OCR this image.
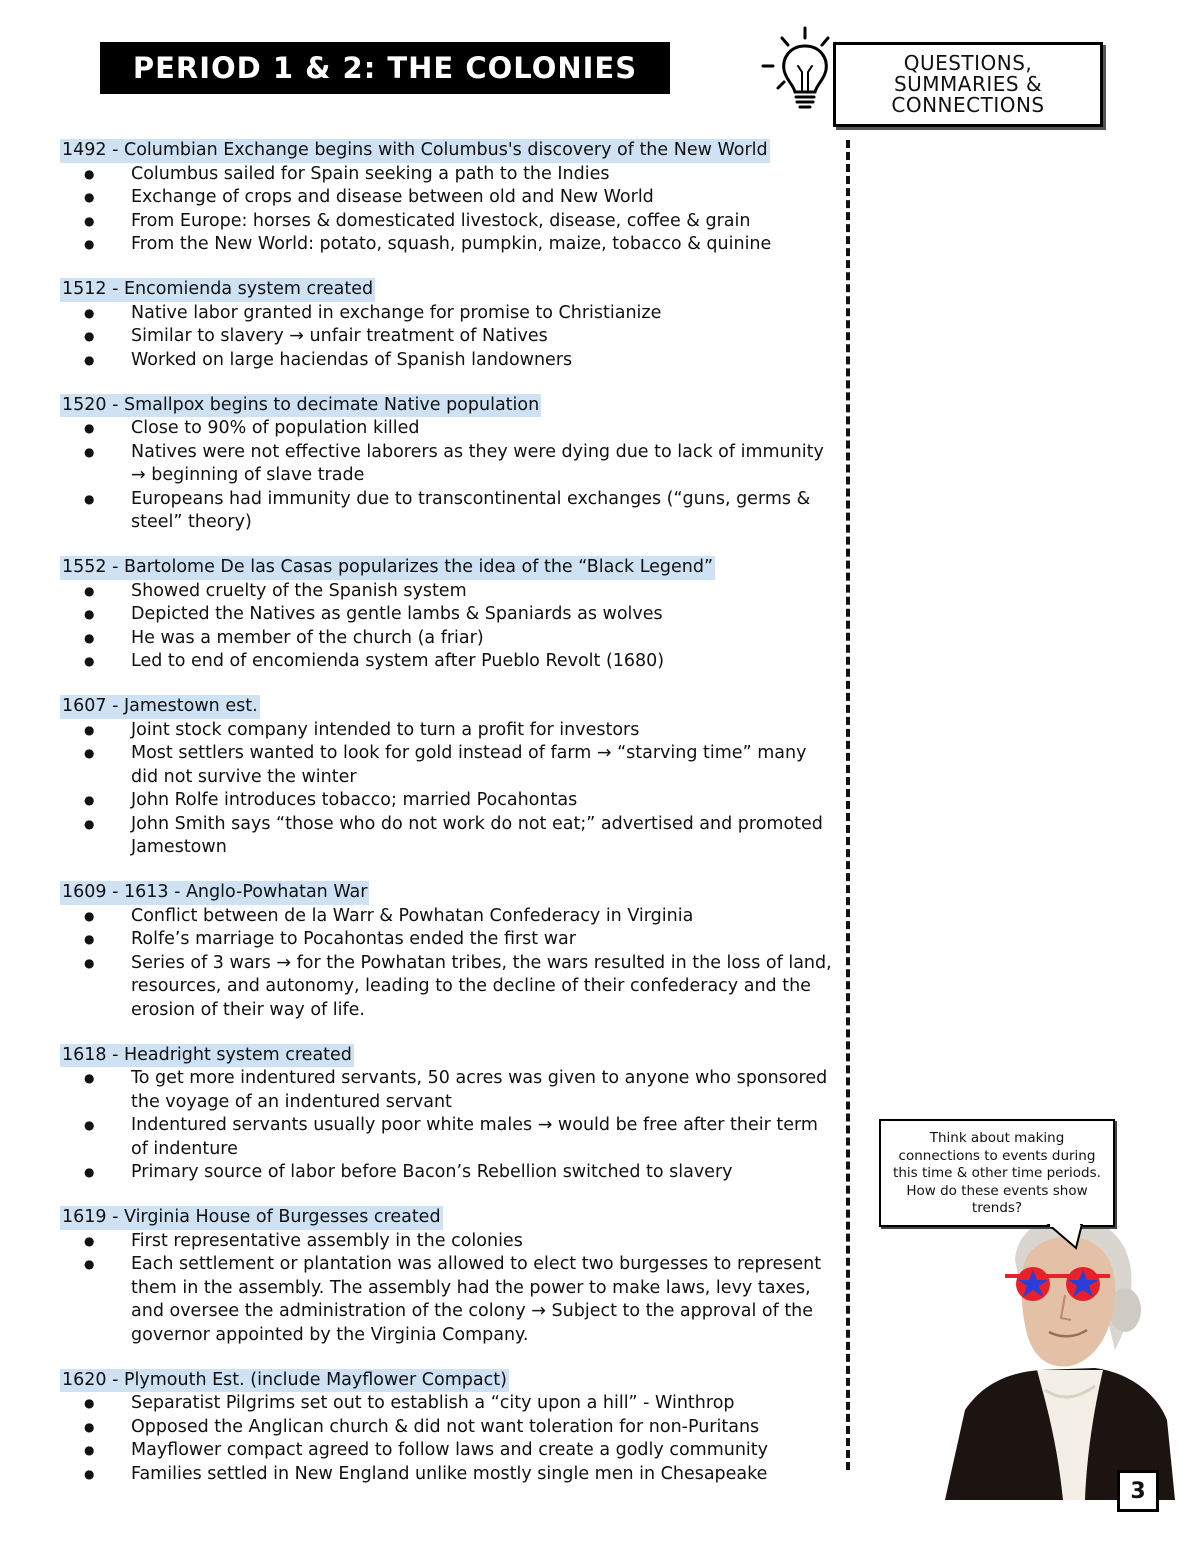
PERIOD 1 & 2: THE COLONIES	QUESTIONS,
SUMMARIES &
CONNECTIONS
1492 - Columbian Exchange begins with Columbus's discovery of the New World
● Columbus sailed for Spain seeking a path to the Indies
● Exchange of crops and disease between old and New World
● From Europe: horses & domesticated livestock, disease, coffee & grain
● From the New World: potato, squash, pumpkin, maize, tobacco & quinine
1512 - Encomienda system created
● Native labor granted in exchange for promise to Christianize
● Similar to slavery → unfair treatment of Natives
● Worked on large haciendas of Spanish landowners
1520 - Smallpox begins to decimate Native population
● Close to 90% of population killed
● Natives were not effective laborers as they were dying due to lack of immunity → beginning of slave trade
● Europeans had immunity due to transcontinental exchanges (“guns, germs & steel” theory)
1552 - Bartolome De las Casas popularizes the idea of the “Black Legend”
● Showed cruelty of the Spanish system
● Depicted the Natives as gentle lambs & Spaniards as wolves
● He was a member of the church (a friar)
● Led to end of encomienda system after Pueblo Revolt (1680)
1607 - Jamestown est.
● Joint stock company intended to turn a profit for investors
● Most settlers wanted to look for gold instead of farm → “starving time” many did not survive the winter
● John Rolfe introduces tobacco; married Pocahontas
● John Smith says “those who do not work do not eat;” advertised and promoted Jamestown
1609 - 1613 - Anglo-Powhatan War
● Conflict between de la Warr & Powhatan Confederacy in Virginia
● Rolfe’s marriage to Pocahontas ended the first war
● Series of 3 wars → for the Powhatan tribes, the wars resulted in the loss of land, resources, and autonomy, leading to the decline of their confederacy and the erosion of their way of life.
1618 - Headright system created
● To get more indentured servants, 50 acres was given to anyone who sponsored the voyage of an indentured servant
● Indentured servants usually poor white males → would be free after their term of indenture
● Primary source of labor before Bacon’s Rebellion switched to slavery
1619 - Virginia House of Burgesses created
● First representative assembly in the colonies
● Each settlement or plantation was allowed to elect two burgesses to represent them in the assembly. The assembly had the power to make laws, levy taxes, and oversee the administration of the colony → Subject to the approval of the governor appointed by the Virginia Company.
1620 - Plymouth Est. (include Mayflower Compact)
● Separatist Pilgrims set out to establish a “city upon a hill” - Winthrop
● Opposed the Anglican church & did not want toleration for non-Puritans
● Mayflower compact agreed to follow laws and create a godly community
● Families settled in New England unlike mostly single men in Chesapeake
Think about making connections to events during this time & other time periods. How do these events show trends?
3
